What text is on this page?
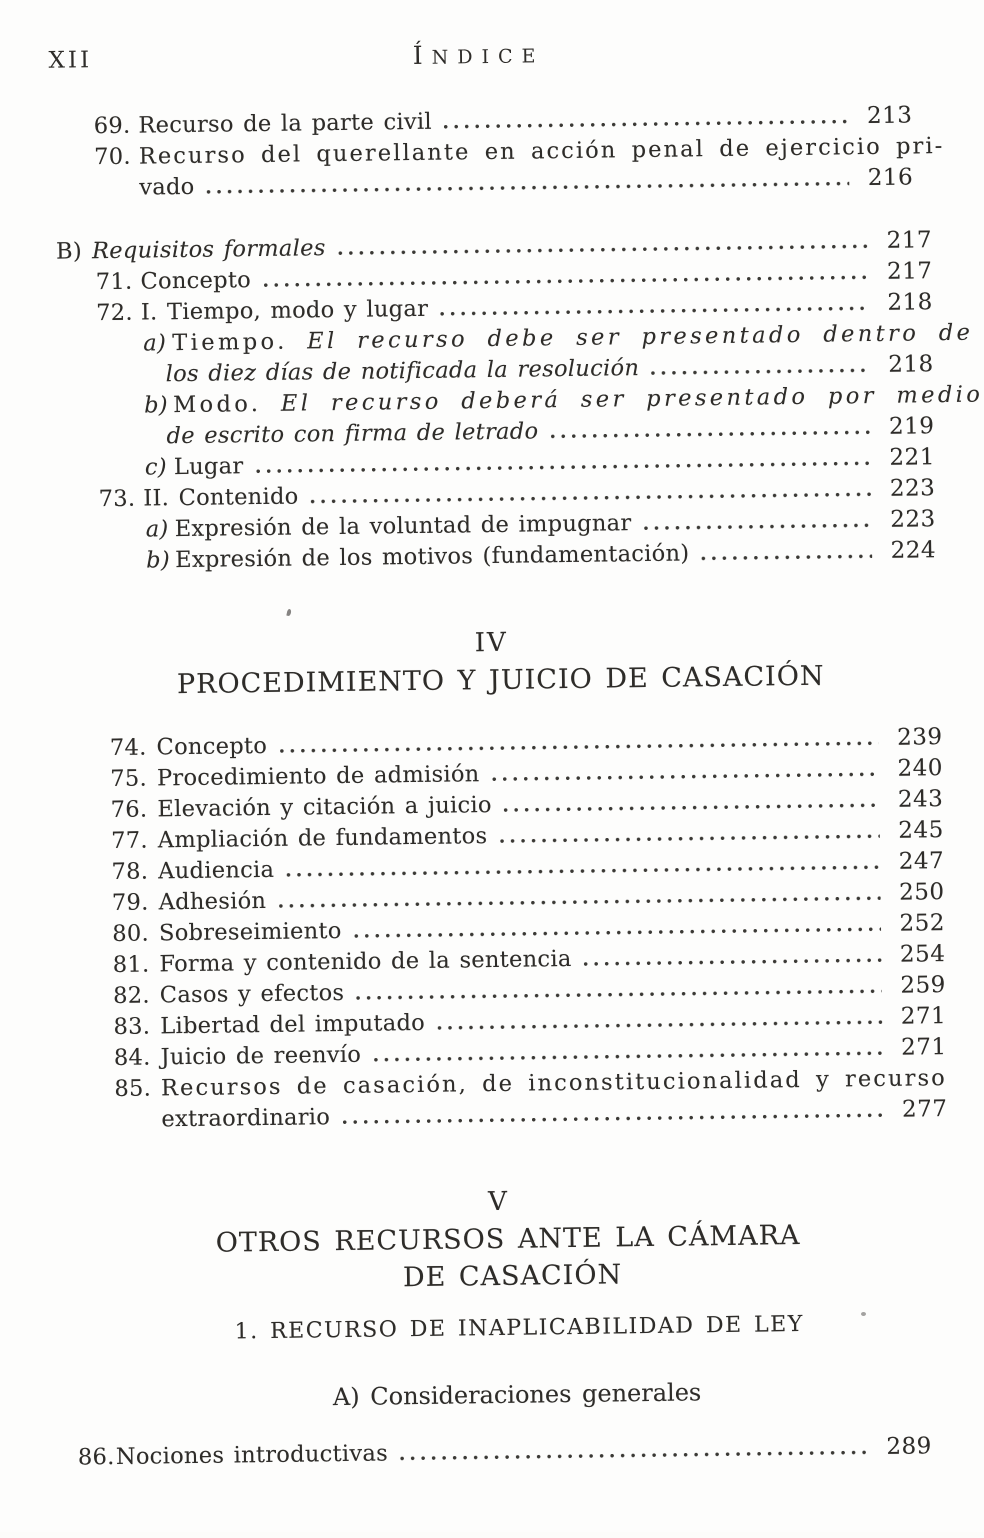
XII	ÍNDICE
69. Recurso de la parte civil	213
70. Recurso del querellante en acción penal de ejercicio pri-
vado	216
B) Requisitos formales	217
71. Concepto	217
72. I. Tiempo, modo y lugar	218
a) Tiempo. El recurso debe ser presentado dentro de
los diez días de notificada la resolución	218
b) Modo. El recurso deberá ser presentado por medio
de escrito con firma de letrado	219
c) Lugar	221
73. II. Contenido	223
a) Expresión de la voluntad de impugnar	223
b) Expresión de los motivos (fundamentación)	224
IV
PROCEDIMIENTO Y JUICIO DE CASACIÓN
74. Concepto	239
75. Procedimiento de admisión	240
76. Elevación y citación a juicio	243
77. Ampliación de fundamentos	245
78. Audiencia	247
79. Adhesión	250
80. Sobreseimiento	252
81. Forma y contenido de la sentencia	254
82. Casos y efectos	259
83. Libertad del imputado	271
84. Juicio de reenvío	271
85. Recursos de casación, de inconstitucionalidad y recurso
extraordinario	277
V
OTROS RECURSOS ANTE LA CÁMARA
DE CASACIÓN
1. RECURSO DE INAPLICABILIDAD DE LEY
A) Consideraciones generales
86. Nociones introductivas	289
